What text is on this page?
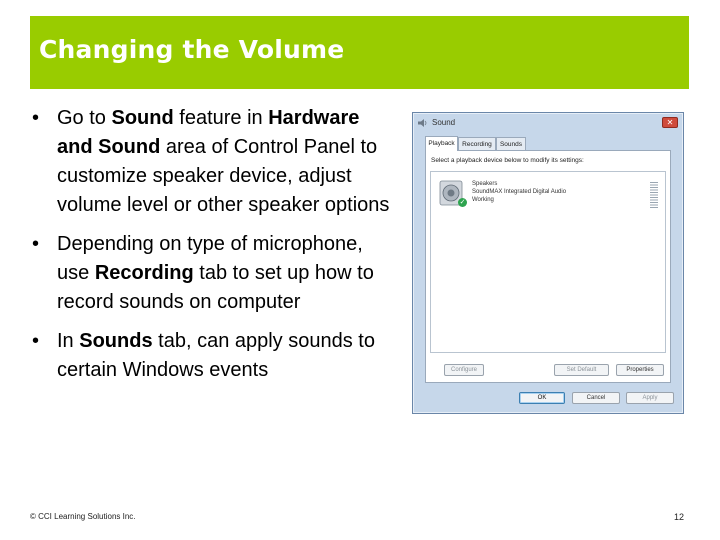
Changing the Volume
• Go to Sound feature in Hardware and Sound area of Control Panel to customize speaker device, adjust volume level or other speaker options
• Depending on type of microphone, use Recording tab to set up how to record sounds on computer
• In Sounds tab, can apply sounds to certain Windows events
Sound	✕
Playback	Recording	Sounds
Select a playback device below to modify its settings:
✓
Speakers
SoundMAX Integrated Digital Audio
Working
Configure	Set Default	Properties
OK	Cancel	Apply
© CCI Learning Solutions Inc.	12
